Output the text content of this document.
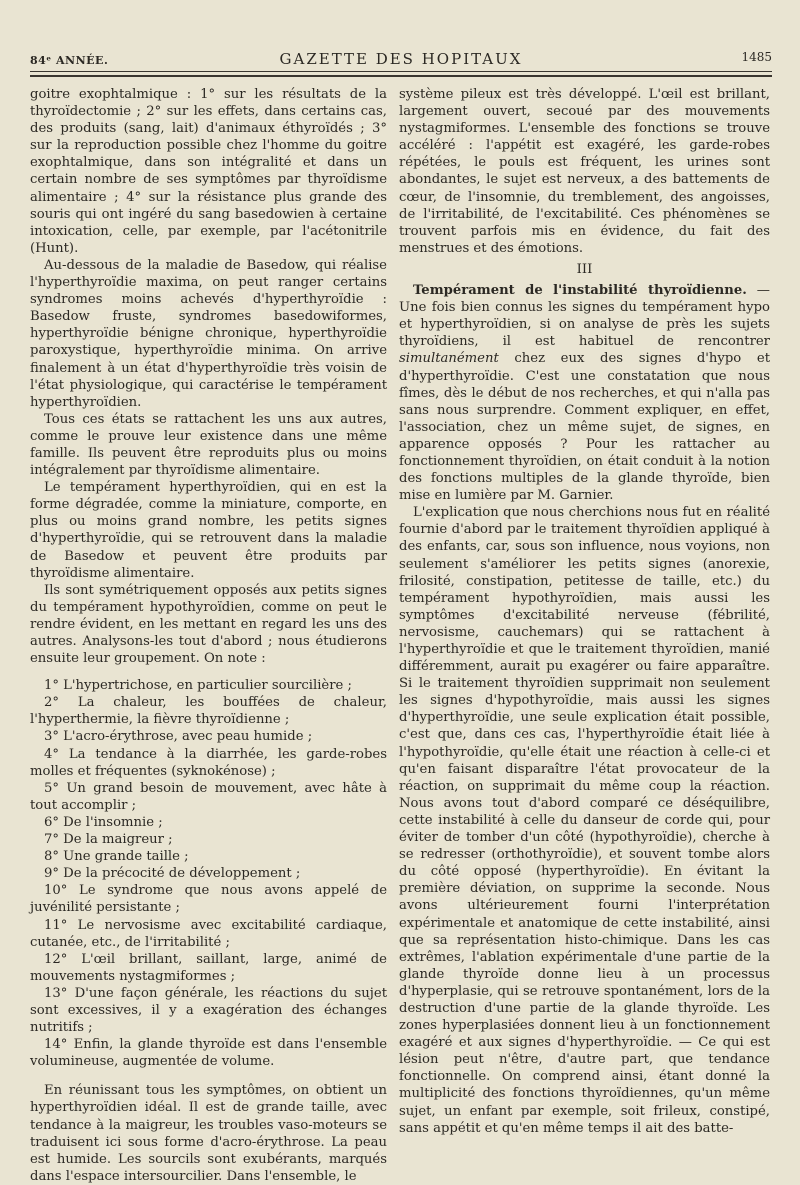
84ᵉ ANNÉE.	GAZETTE DES HOPITAUX	1485

goitre exophtalmique : 1° sur les résultats de la thyroïdectomie ; 2° sur les effets, dans certains cas, des produits (sang, lait) d'animaux éthyroïdés ; 3° sur la reproduction possible chez l'homme du goitre exophtalmique, dans son intégralité et dans un certain nombre de ses symptômes par thyroïdisme alimentaire ; 4° sur la résistance plus grande des souris qui ont ingéré du sang basedowien à certaine intoxication, celle, par exemple, par l'acétonitrile (Hunt).

Au-dessous de la maladie de Basedow, qui réalise l'hyperthyroïdie maxima, on peut ranger certains syndromes moins achevés d'hyperthyroïdie : Basedow fruste, syndromes basedowiformes, hyperthyroïdie bénigne chronique, hyperthyroïdie paroxystique, hyperthyroïdie minima. On arrive finalement à un état d'hyperthyroïdie très voisin de l'état physiologique, qui caractérise le tempérament hyperthyroïdien.

Tous ces états se rattachent les uns aux autres, comme le prouve leur existence dans une même famille. Ils peuvent être reproduits plus ou moins intégralement par thyroïdisme alimentaire.

Le tempérament hyperthyroïdien, qui en est la forme dégradée, comme la miniature, comporte, en plus ou moins grand nombre, les petits signes d'hyperthyroïdie, qui se retrouvent dans la maladie de Basedow et peuvent être produits par thyroïdisme alimentaire.

Ils sont symétriquement opposés aux petits signes du tempérament hypothyroïdien, comme on peut le rendre évident, en les mettant en regard les uns des autres. Analysons-les tout d'abord ; nous étudierons ensuite leur groupement. On note :

1° L'hypertrichose, en particulier sourcilière ;

2° La chaleur, les bouffées de chaleur, l'hyperthermie, la fièvre thyroïdienne ;

3° L'acro-érythrose, avec peau humide ;

4° La tendance à la diarrhée, les garde-robes molles et fréquentes (syknokénose) ;

5° Un grand besoin de mouvement, avec hâte à tout accomplir ;

6° De l'insomnie ;

7° De la maigreur ;

8° Une grande taille ;

9° De la précocité de développement ;

10° Le syndrome que nous avons appelé de juvénilité persistante ;

11° Le nervosisme avec excitabilité cardiaque, cutanée, etc., de l'irritabilité ;

12° L'œil brillant, saillant, large, animé de mouvements nystagmiformes ;

13° D'une façon générale, les réactions du sujet sont excessives, il y a exagération des échanges nutritifs ;

14° Enfin, la glande thyroïde est dans l'ensemble volumineuse, augmentée de volume.

En réunissant tous les symptômes, on obtient un hyperthyroïdien idéal. Il est de grande taille, avec tendance à la maigreur, les troubles vaso-moteurs se traduisent ici sous forme d'acro-érythrose. La peau est humide. Les sourcils sont exubérants, marqués dans l'espace intersourcilier. Dans l'ensemble, le

système pileux est très développé. L'œil est brillant, largement ouvert, secoué par des mouvements nystagmiformes. L'ensemble des fonctions se trouve accéléré : l'appétit est exagéré, les garde-robes répétées, le pouls est fréquent, les urines sont abondantes, le sujet est nerveux, a des battements de cœur, de l'insomnie, du tremblement, des angoisses, de l'irritabilité, de l'excitabilité. Ces phénomènes se trouvent parfois mis en évidence, du fait des menstrues et des émotions.

III

Tempérament de l'instabilité thyroïdienne. — Une fois bien connus les signes du tempérament hypo et hyperthyroïdien, si on analyse de près les sujets thyroïdiens, il est habituel de rencontrer simultanément chez eux des signes d'hypo et d'hyperthyroïdie. C'est une constatation que nous fîmes, dès le début de nos recherches, et qui n'alla pas sans nous surprendre. Comment expliquer, en effet, l'association, chez un même sujet, de signes, en apparence opposés ? Pour les rattacher au fonctionnement thyroïdien, on était conduit à la notion des fonctions multiples de la glande thyroïde, bien mise en lumière par M. Garnier.

L'explication que nous cherchions nous fut en réalité fournie d'abord par le traitement thyroïdien appliqué à des enfants, car, sous son influence, nous voyions, non seulement s'améliorer les petits signes (anorexie, frilosité, constipation, petitesse de taille, etc.) du tempérament hypothyroïdien, mais aussi les symptômes d'excitabilité nerveuse (fébrilité, nervosisme, cauchemars) qui se rattachent à l'hyperthyroïdie et que le traitement thyroïdien, manié différemment, aurait pu exagérer ou faire apparaître. Si le traitement thyroïdien supprimait non seulement les signes d'hypothyroïdie, mais aussi les signes d'hyperthyroïdie, une seule explication était possible, c'est que, dans ces cas, l'hyperthyroïdie était liée à l'hypothyroïdie, qu'elle était une réaction à celle-ci et qu'en faisant disparaître l'état provocateur de la réaction, on supprimait du même coup la réaction. Nous avons tout d'abord comparé ce déséquilibre, cette instabilité à celle du danseur de corde qui, pour éviter de tomber d'un côté (hypothyroïdie), cherche à se redresser (orthothyroïdie), et souvent tombe alors du côté opposé (hyperthyroïdie). En évitant la première déviation, on supprime la seconde. Nous avons ultérieurement fourni l'interprétation expérimentale et anatomique de cette instabilité, ainsi que sa représentation histo-chimique. Dans les cas extrêmes, l'ablation expérimentale d'une partie de la glande thyroïde donne lieu à un processus d'hyperplasie, qui se retrouve spontanément, lors de la destruction d'une partie de la glande thyroïde. Les zones hyperplasiées donnent lieu à un fonctionnement exagéré et aux signes d'hyperthyroïdie. — Ce qui est lésion peut n'être, d'autre part, que tendance fonctionnelle. On comprend ainsi, étant donné la multiplicité des fonctions thyroïdiennes, qu'un même sujet, un enfant par exemple, soit frileux, constipé, sans appétit et qu'en même temps il ait des batte-
